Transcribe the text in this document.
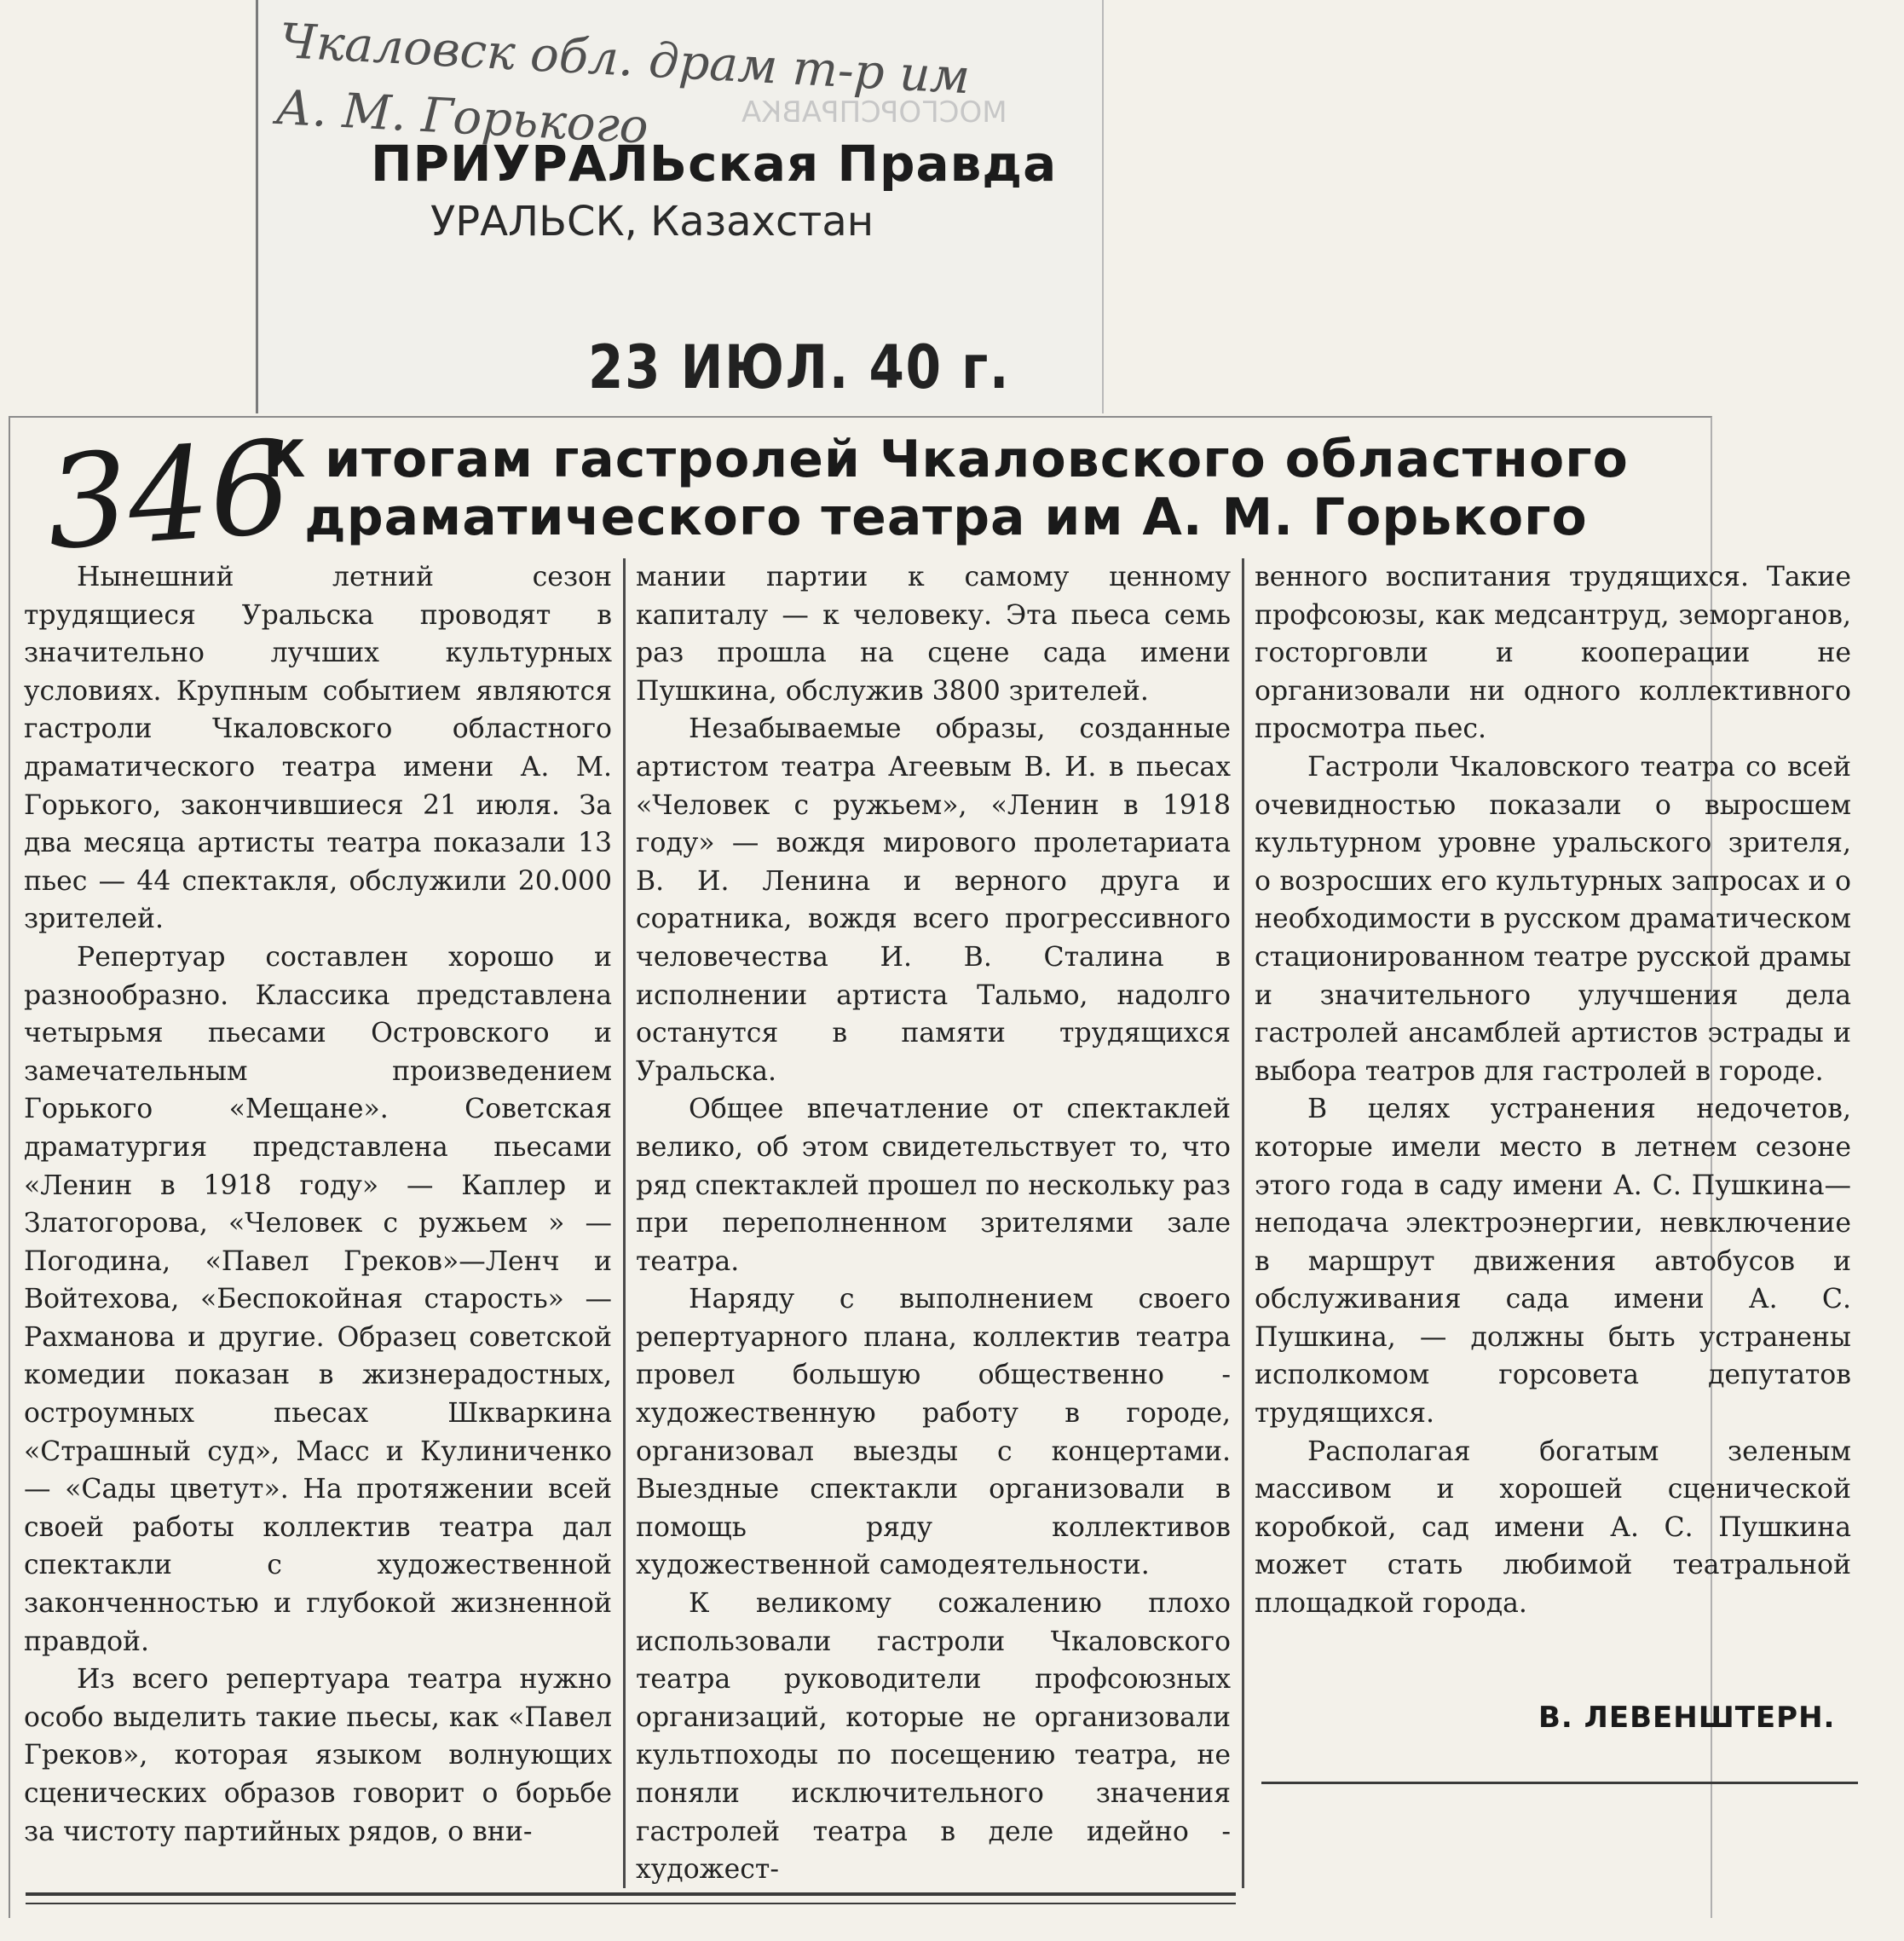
МОСГОРСПРАВКА
Чкаловск обл. драм т-р им
А. М. Горького
ПРИУРАЛЬская Правда
УРАЛЬСК, Казахстан
23 ИЮЛ. 40 г.
346
К итогам гастролей Чкаловского областного
драматического театра им А. М. Горького

Нынешний летний сезон трудящиеся Уральска проводят в значительно лучших культурных условиях. Крупным событием являются гастроли Чкаловского областного драматического театра имени А. М. Горького, закончившиеся 21 июля. За два месяца артисты театра показали 13 пьес — 44 спектакля, обслужили 20.000 зрителей.

Репертуар составлен хорошо и разнообразно. Классика представлена четырьмя пьесами Островского и замечательным произведением Горького «Мещане». Советская драматургия представлена пьесами «Ленин в 1918 году» — Каплер и Златогорова, «Человек с ружьем » — Погодина, «Павел Греков»—Ленч и Войтехова, «Беспокойная старость» — Рахманова и другие. Образец советской комедии показан в жизнерадостных, остроумных пьесах Шкваркина «Страшный суд», Масс и Кулиниченко — «Сады цветут». На протяжении всей своей работы коллектив театра дал спектакли с художественной законченностью и глубокой жизненной правдой.

Из всего репертуара театра нужно особо выделить такие пьесы, как «Павел Греков», которая языком волнующих сценических образов говорит о борьбе за чистоту партийных рядов, о вни-

мании партии к самому ценному капиталу — к человеку. Эта пьеса семь раз прошла на сцене сада имени Пушкина, обслужив 3800 зрителей.

Незабываемые образы, созданные артистом театра Агеевым В. И. в пьесах «Человек с ружьем», «Ленин в 1918 году» — вождя мирового пролетариата В. И. Ленина и верного друга и соратника, вождя всего прогрессивного человечества И. В. Сталина в исполнении артиста Тальмо, надолго останутся в памяти трудящихся Уральска.

Общее впечатление от спектаклей велико, об этом свидетельствует то, что ряд спектаклей прошел по нескольку раз при переполненном зрителями зале театра.

Наряду с выполнением своего репертуарного плана, коллектив театра провел большую общественно - художественную работу в городе, организовал выезды с концертами. Выездные спектакли организовали в помощь ряду коллективов художественной самодеятельности.

К великому сожалению плохо использовали гастроли Чкаловского театра руководители профсоюзных организаций, которые не организовали культпоходы по посещению театра, не поняли исключительного значения гастролей театра в деле идейно - художест-

венного воспитания трудящихся. Такие профсоюзы, как медсантруд, земорганов, госторговли и кооперации не организовали ни одного коллективного просмотра пьес.

Гастроли Чкаловского театра со всей очевидностью показали о выросшем культурном уровне уральского зрителя, о возросших его культурных запросах и о необходимости в русском драматическом стационированном театре русской драмы и значительного улучшения дела гастролей ансамблей артистов эстрады и выбора театров для гастролей в городе.

В целях устранения недочетов, которые имели место в летнем сезоне этого года в саду имени А. С. Пушкина—неподача электроэнергии, невключение в маршрут движения автобусов и обслуживания сада имени А. С. Пушкина, — должны быть устранены исполкомом горсовета депутатов трудящихся.

Располагая богатым зеленым массивом и хорошей сценической коробкой, сад имени А. С. Пушкина может стать любимой театральной площадкой города.

В. ЛЕВЕНШТЕРН.
